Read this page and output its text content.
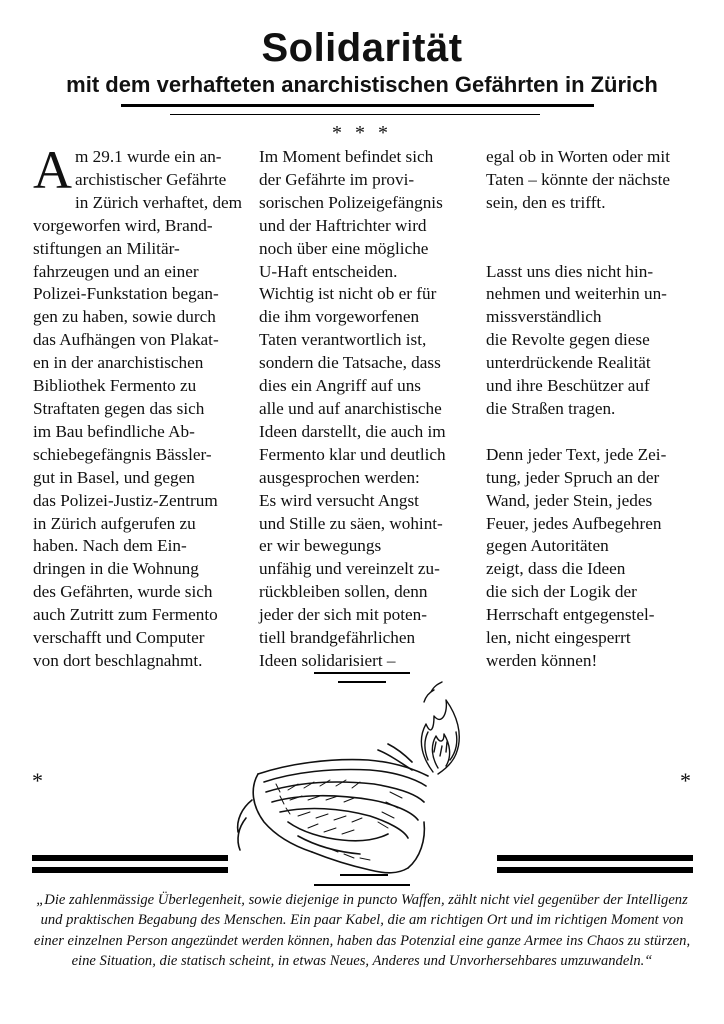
Solidarität
mit dem verhafteten anarchistischen Gefährten in Zürich
* * *
Am 29.1 wurde ein an-
archistischer Gefährte
in Zürich verhaftet, dem
vorgeworfen wird, Brand-
stiftungen an Militär-
fahrzeugen und an einer
Polizei-Funkstation began-
gen zu haben, sowie durch
das Aufhängen von Plakat-
en in der anarchistischen
Bibliothek Fermento zu
Straftaten gegen das sich
im Bau befindliche Ab-
schiebegefängnis Bässler-
gut in Basel, und gegen
das Polizei-Justiz-Zentrum
in Zürich aufgerufen zu
haben. Nach dem Ein-
dringen in die Wohnung
des Gefährten, wurde sich
auch Zutritt zum Fermento
verschafft und Computer
von dort beschlagnahmt.
Im Moment befindet sich
der Gefährte im provi-
sorischen Polizeigefängnis
und der Haftrichter wird
noch über eine mögliche
U-Haft entscheiden.
Wichtig ist nicht ob er für
die ihm vorgeworfenen
Taten verantwortlich ist,
sondern die Tatsache, dass
dies ein Angriff auf uns
alle und auf anarchistische
Ideen darstellt, die auch im
Fermento klar und deutlich
ausgesprochen werden:
Es wird versucht Angst
und Stille zu säen, wohint-
er wir bewegungs
unfähig und vereinzelt zu-
rückbleiben sollen, denn
jeder der sich mit poten-
tiell brandgefährlichen
Ideen solidarisiert –
egal ob in Worten oder mit
Taten – könnte der nächste
sein, den es trifft.

Lasst uns dies nicht hin-
nehmen und weiterhin un-
missverständlich
die Revolte gegen diese
unterdrückende Realität
und ihre Beschützer auf
die Straßen tragen.

Denn jeder Text, jede Zei-
tung, jeder Spruch an der
Wand, jeder Stein, jedes
Feuer, jedes Aufbegehren
gegen Autoritäten
zeigt, dass die Ideen
die sich der Logik der
Herrschaft entgegenstel-
len, nicht eingesperrt
werden können!
*	*
„Die zahlenmässige Überlegenheit, sowie diejenige in puncto Waffen, zählt nicht viel gegenüber der Intelligenz und praktischen Begabung des Menschen. Ein paar Kabel, die am richtigen Ort und im richtigen Moment von einer einzelnen Person angezündet werden können, haben das Potenzial eine ganze Armee ins Chaos zu stürzen, eine Situation, die statisch scheint, in etwas Neues, Anderes und Unvorhersehbares umzuwandeln.“
